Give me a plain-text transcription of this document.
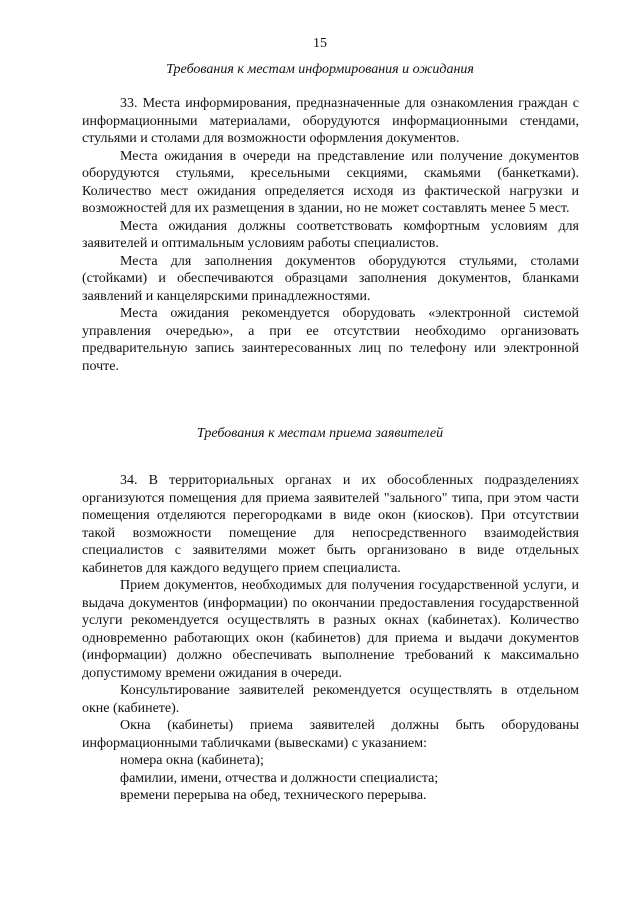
15
Требования к местам информирования и ожидания

33. Места информирования, предназначенные для ознакомления граждан с информационными материалами, оборудуются информационными стендами, стульями и столами для возможности оформления документов.

Места ожидания в очереди на представление или получение документов оборудуются стульями, кресельными секциями, скамьями (банкетками). Количество мест ожидания определяется исходя из фактической нагрузки и возможностей для их размещения в здании, но не может составлять менее 5 мест.

Места ожидания должны соответствовать комфортным условиям для заявителей и оптимальным условиям работы специалистов.

Места для заполнения документов оборудуются стульями, столами (стойками) и обеспечиваются образцами заполнения документов, бланками заявлений и канцелярскими принадлежностями.

Места ожидания рекомендуется оборудовать «электронной системой управления очередью», а при ее отсутствии необходимо организовать предварительную запись заинтересованных лиц по телефону или электронной почте.

Требования к местам приема заявителей

34. В территориальных органах и их обособленных подразделениях организуются помещения для приема заявителей "зального" типа, при этом части помещения отделяются перегородками в виде окон (киосков). При отсутствии такой возможности помещение для непосредственного взаимодействия специалистов с заявителями может быть организовано в виде отдельных кабинетов для каждого ведущего прием специалиста.

Прием документов, необходимых для получения государственной услуги, и выдача документов (информации) по окончании предоставления государственной услуги рекомендуется осуществлять в разных окнах (кабинетах). Количество одновременно работающих окон (кабинетов) для приема и выдачи документов (информации) должно обеспечивать выполнение требований к максимально допустимому времени ожидания в очереди.

Консультирование заявителей рекомендуется осуществлять в отдельном окне (кабинете).

Окна (кабинеты) приема заявителей должны быть оборудованы информационными табличками (вывесками) с указанием:

номера окна (кабинета);

фамилии, имени, отчества и должности специалиста;

времени перерыва на обед, технического перерыва.
